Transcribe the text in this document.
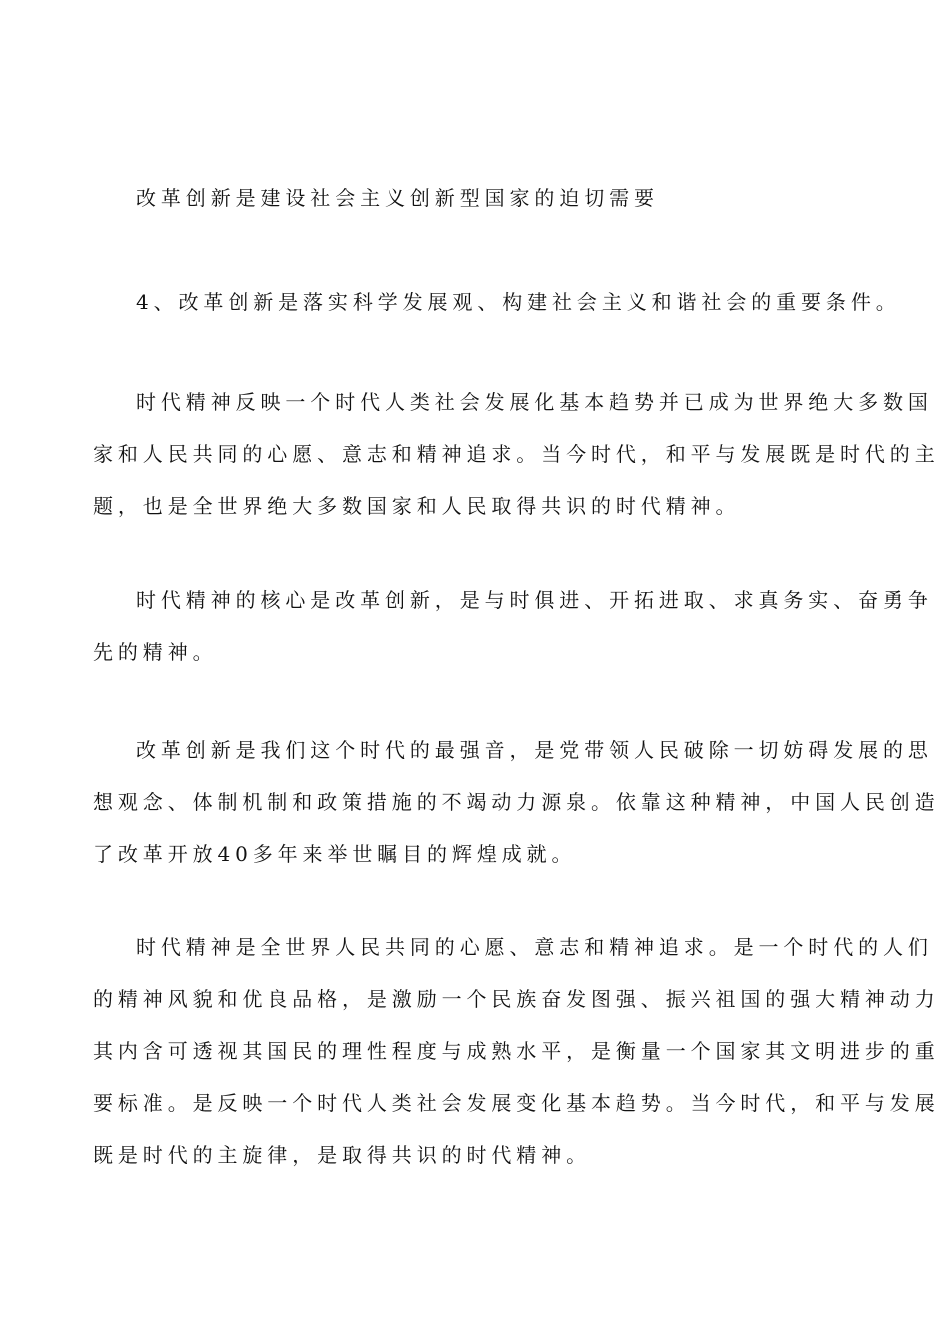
改革创新是建设社会主义创新型国家的迫切需要
4、改革创新是落实科学发展观、构建社会主义和谐社会的重要条件。
时代精神反映一个时代人类社会发展化基本趋势并已成为世界绝大多数国
家和人民共同的心愿、意志和精神追求。当今时代，和平与发展既是时代的主
题，也是全世界绝大多数国家和人民取得共识的时代精神。
时代精神的核心是改革创新，是与时俱进、开拓进取、求真务实、奋勇争
先的精神。
改革创新是我们这个时代的最强音，是党带领人民破除一切妨碍发展的思
想观念、体制机制和政策措施的不竭动力源泉。依靠这种精神，中国人民创造
了改革开放40多年来举世瞩目的辉煌成就。
时代精神是全世界人民共同的心愿、意志和精神追求。是一个时代的人们
的精神风貌和优良品格，是激励一个民族奋发图强、振兴祖国的强大精神动力
其内含可透视其国民的理性程度与成熟水平，是衡量一个国家其文明进步的重
要标准。是反映一个时代人类社会发展变化基本趋势。当今时代，和平与发展
既是时代的主旋律，是取得共识的时代精神。
